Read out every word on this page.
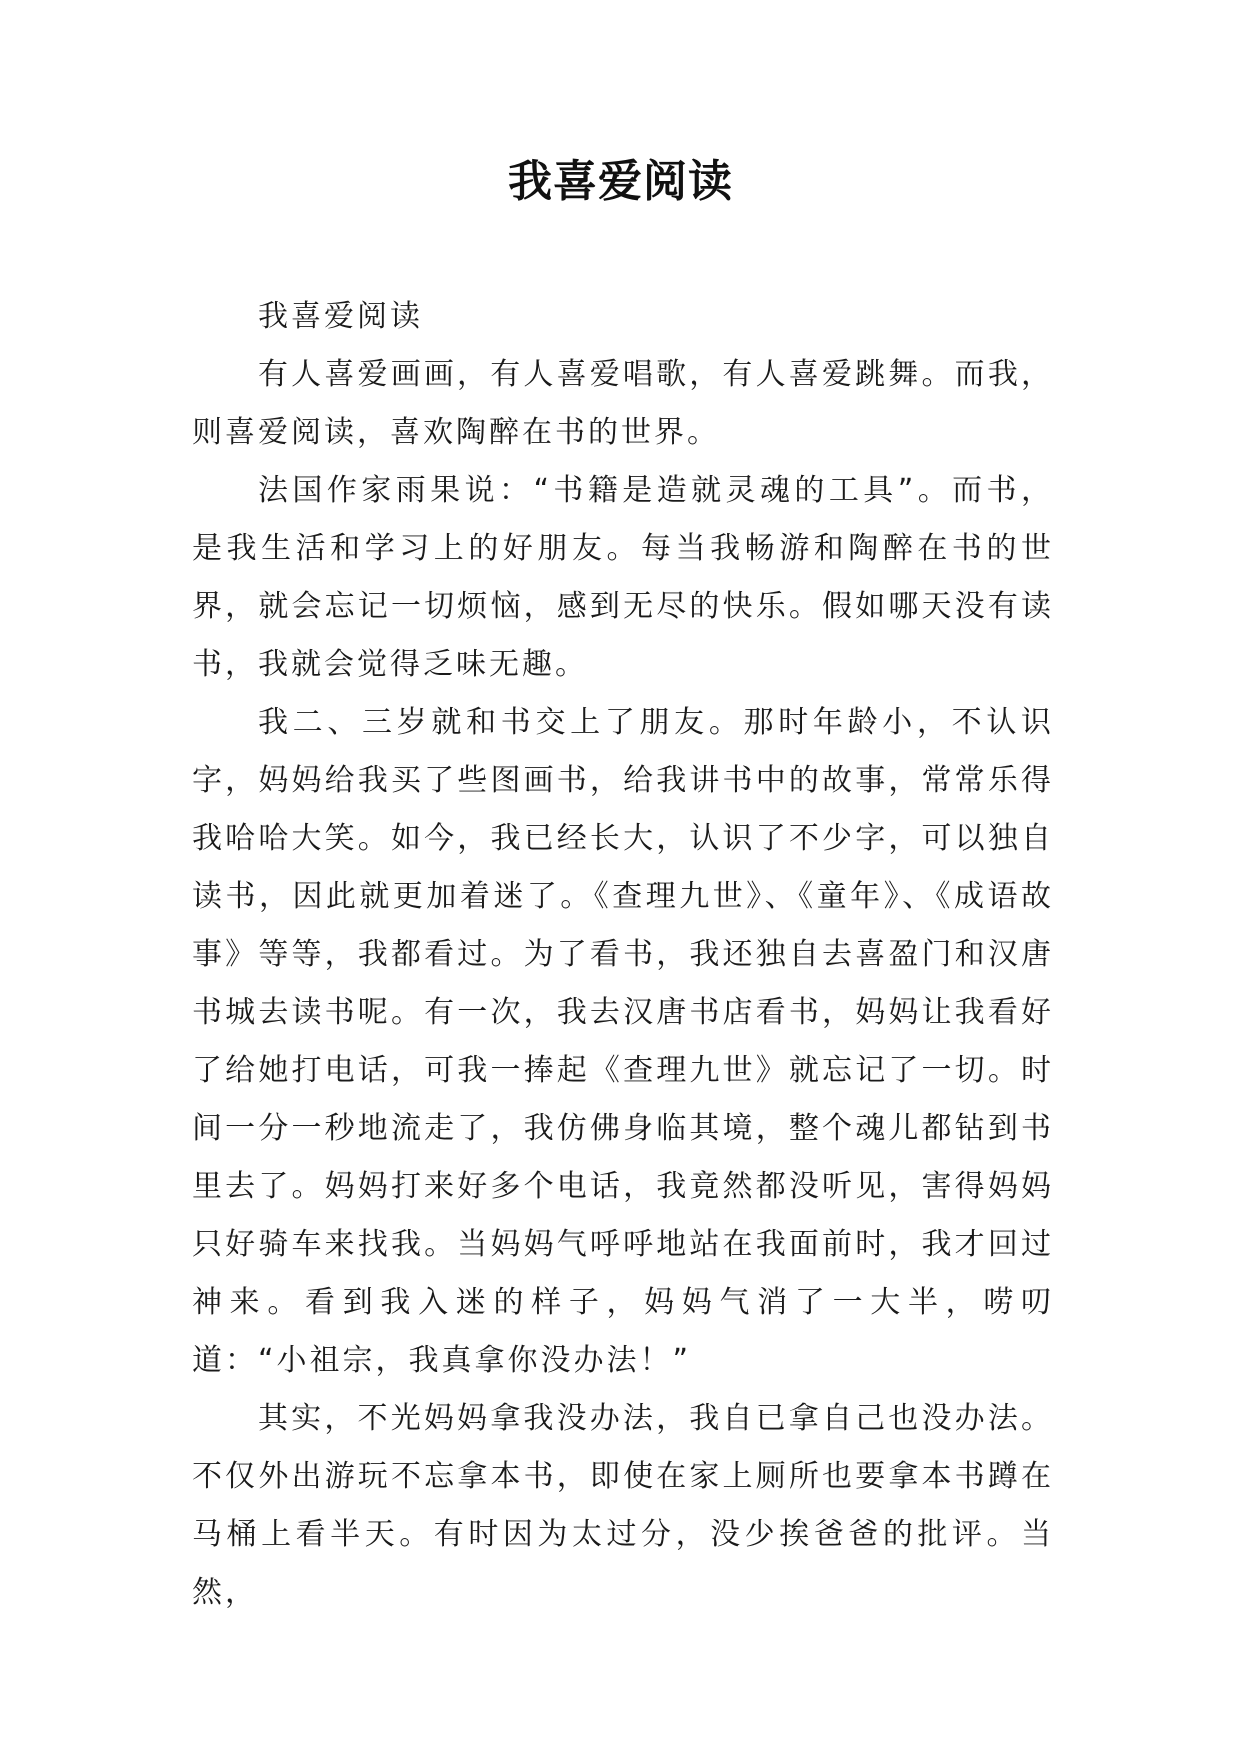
我喜爱阅读

我喜爱阅读

有人喜爱画画，有人喜爱唱歌，有人喜爱跳舞。而我，则喜爱阅读，喜欢陶醉在书的世界。

法国作家雨果说：“书籍是造就灵魂的工具”。而书，是我生活和学习上的好朋友。每当我畅游和陶醉在书的世界，就会忘记一切烦恼，感到无尽的快乐。假如哪天没有读书，我就会觉得乏味无趣。

我二、三岁就和书交上了朋友。那时年龄小，不认识字，妈妈给我买了些图画书，给我讲书中的故事，常常乐得我哈哈大笑。如今，我已经长大，认识了不少字，可以独自读书，因此就更加着迷了。《查理九世》、《童年》、《成语故事》等等，我都看过。为了看书，我还独自去喜盈门和汉唐书城去读书呢。有一次，我去汉唐书店看书，妈妈让我看好了给她打电话，可我一捧起《查理九世》就忘记了一切。时间一分一秒地流走了，我仿佛身临其境，整个魂儿都钻到书里去了。妈妈打来好多个电话，我竟然都没听见，害得妈妈只好骑车来找我。当妈妈气呼呼地站在我面前时，我才回过神来。看到我入迷的样子，妈妈气消了一大半，唠叨道：“小祖宗，我真拿你没办法！”

其实，不光妈妈拿我没办法，我自已拿自己也没办法。不仅外出游玩不忘拿本书，即使在家上厕所也要拿本书蹲在马桶上看半天。有时因为太过分，没少挨爸爸的批评。当然，
